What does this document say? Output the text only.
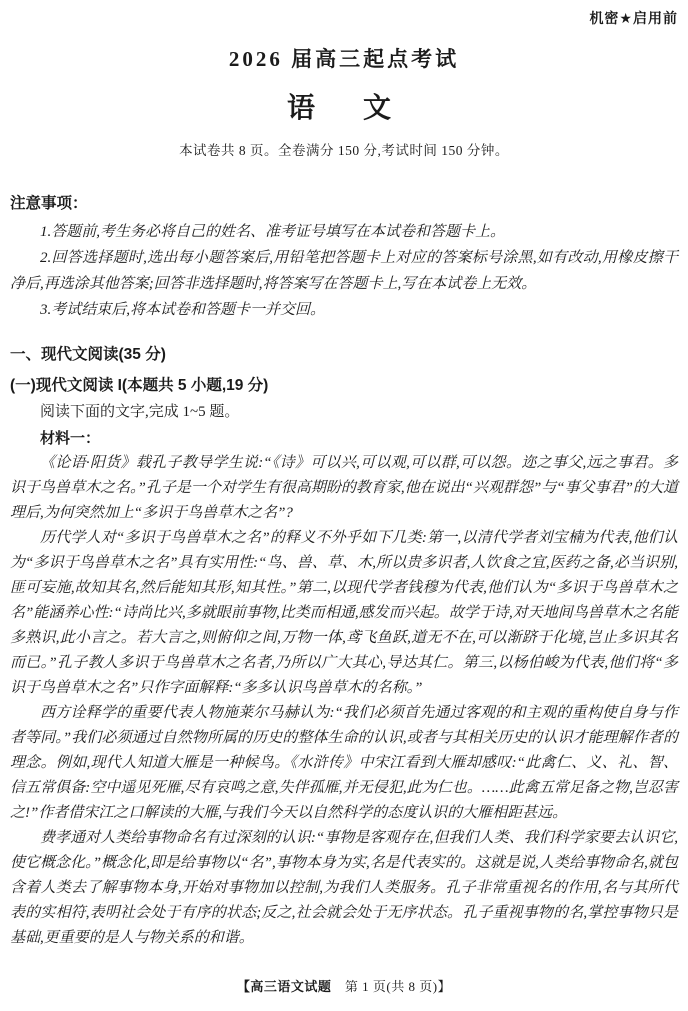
机密★启用前
2026 届高三起点考试
语　文
本试卷共 8 页。全卷满分 150 分,考试时间 150 分钟。
注意事项：

1.答题前,考生务必将自己的姓名、准考证号填写在本试卷和答题卡上。

2.回答选择题时,选出每小题答案后,用铅笔把答题卡上对应的答案标号涂黑,如有改动,用橡皮擦干净后,再选涂其他答案;回答非选择题时,将答案写在答题卡上,写在本试卷上无效。

3.考试结束后,将本试卷和答题卡一并交回。

一、现代文阅读(35 分)
(一)现代文阅读 I(本题共 5 小题,19 分)

阅读下面的文字,完成 1~5 题。

材料一：

《论语·阳货》载孔子教导学生说:“《诗》可以兴,可以观,可以群,可以怨。迩之事父,远之事君。多识于鸟兽草木之名。”孔子是一个对学生有很高期盼的教育家,他在说出“兴观群怨”与“事父事君”的大道理后,为何突然加上“多识于鸟兽草木之名”?

历代学人对“多识于鸟兽草木之名”的释义不外乎如下几类:第一,以清代学者刘宝楠为代表,他们认为“多识于鸟兽草木之名”具有实用性:“鸟、兽、草、木,所以贵多识者,人饮食之宜,医药之备,必当识别,匪可妄施,故知其名,然后能知其形,知其性。”第二,以现代学者钱穆为代表,他们认为“多识于鸟兽草木之名”能涵养心性:“诗尚比兴,多就眼前事物,比类而相通,感发而兴起。故学于诗,对天地间鸟兽草木之名能多熟识,此小言之。若大言之,则俯仰之间,万物一体,鸢飞鱼跃,道无不在,可以渐跻于化境,岂止多识其名而已。”孔子教人多识于鸟兽草木之名者,乃所以广大其心,导达其仁。第三,以杨伯峻为代表,他们将“多识于鸟兽草木之名”只作字面解释:“多多认识鸟兽草木的名称。”

西方诠释学的重要代表人物施莱尔马赫认为:“我们必须首先通过客观的和主观的重构使自身与作者等同。”我们必须通过自然物所属的历史的整体生命的认识,或者与其相关历史的认识才能理解作者的理念。例如,现代人知道大雁是一种候鸟。《水浒传》中宋江看到大雁却感叹:“此禽仁、义、礼、智、信五常俱备:空中遥见死雁,尽有哀鸣之意,失伴孤雁,并无侵犯,此为仁也。……此禽五常足备之物,岂忍害之!”作者借宋江之口解读的大雁,与我们今天以自然科学的态度认识的大雁相距甚远。

费孝通对人类给事物命名有过深刻的认识:“事物是客观存在,但我们人类、我们科学家要去认识它,使它概念化。”概念化,即是给事物以“名”,事物本身为实,名是代表实的。这就是说,人类给事物命名,就包含着人类去了解事物本身,开始对事物加以控制,为我们人类服务。孔子非常重视名的作用,名与其所代表的实相符,表明社会处于有序的状态;反之,社会就会处于无序状态。孔子重视事物的名,掌控事物只是基础,更重要的是人与物关系的和谐。

【高三语文试题　第 1 页(共 8 页)】
